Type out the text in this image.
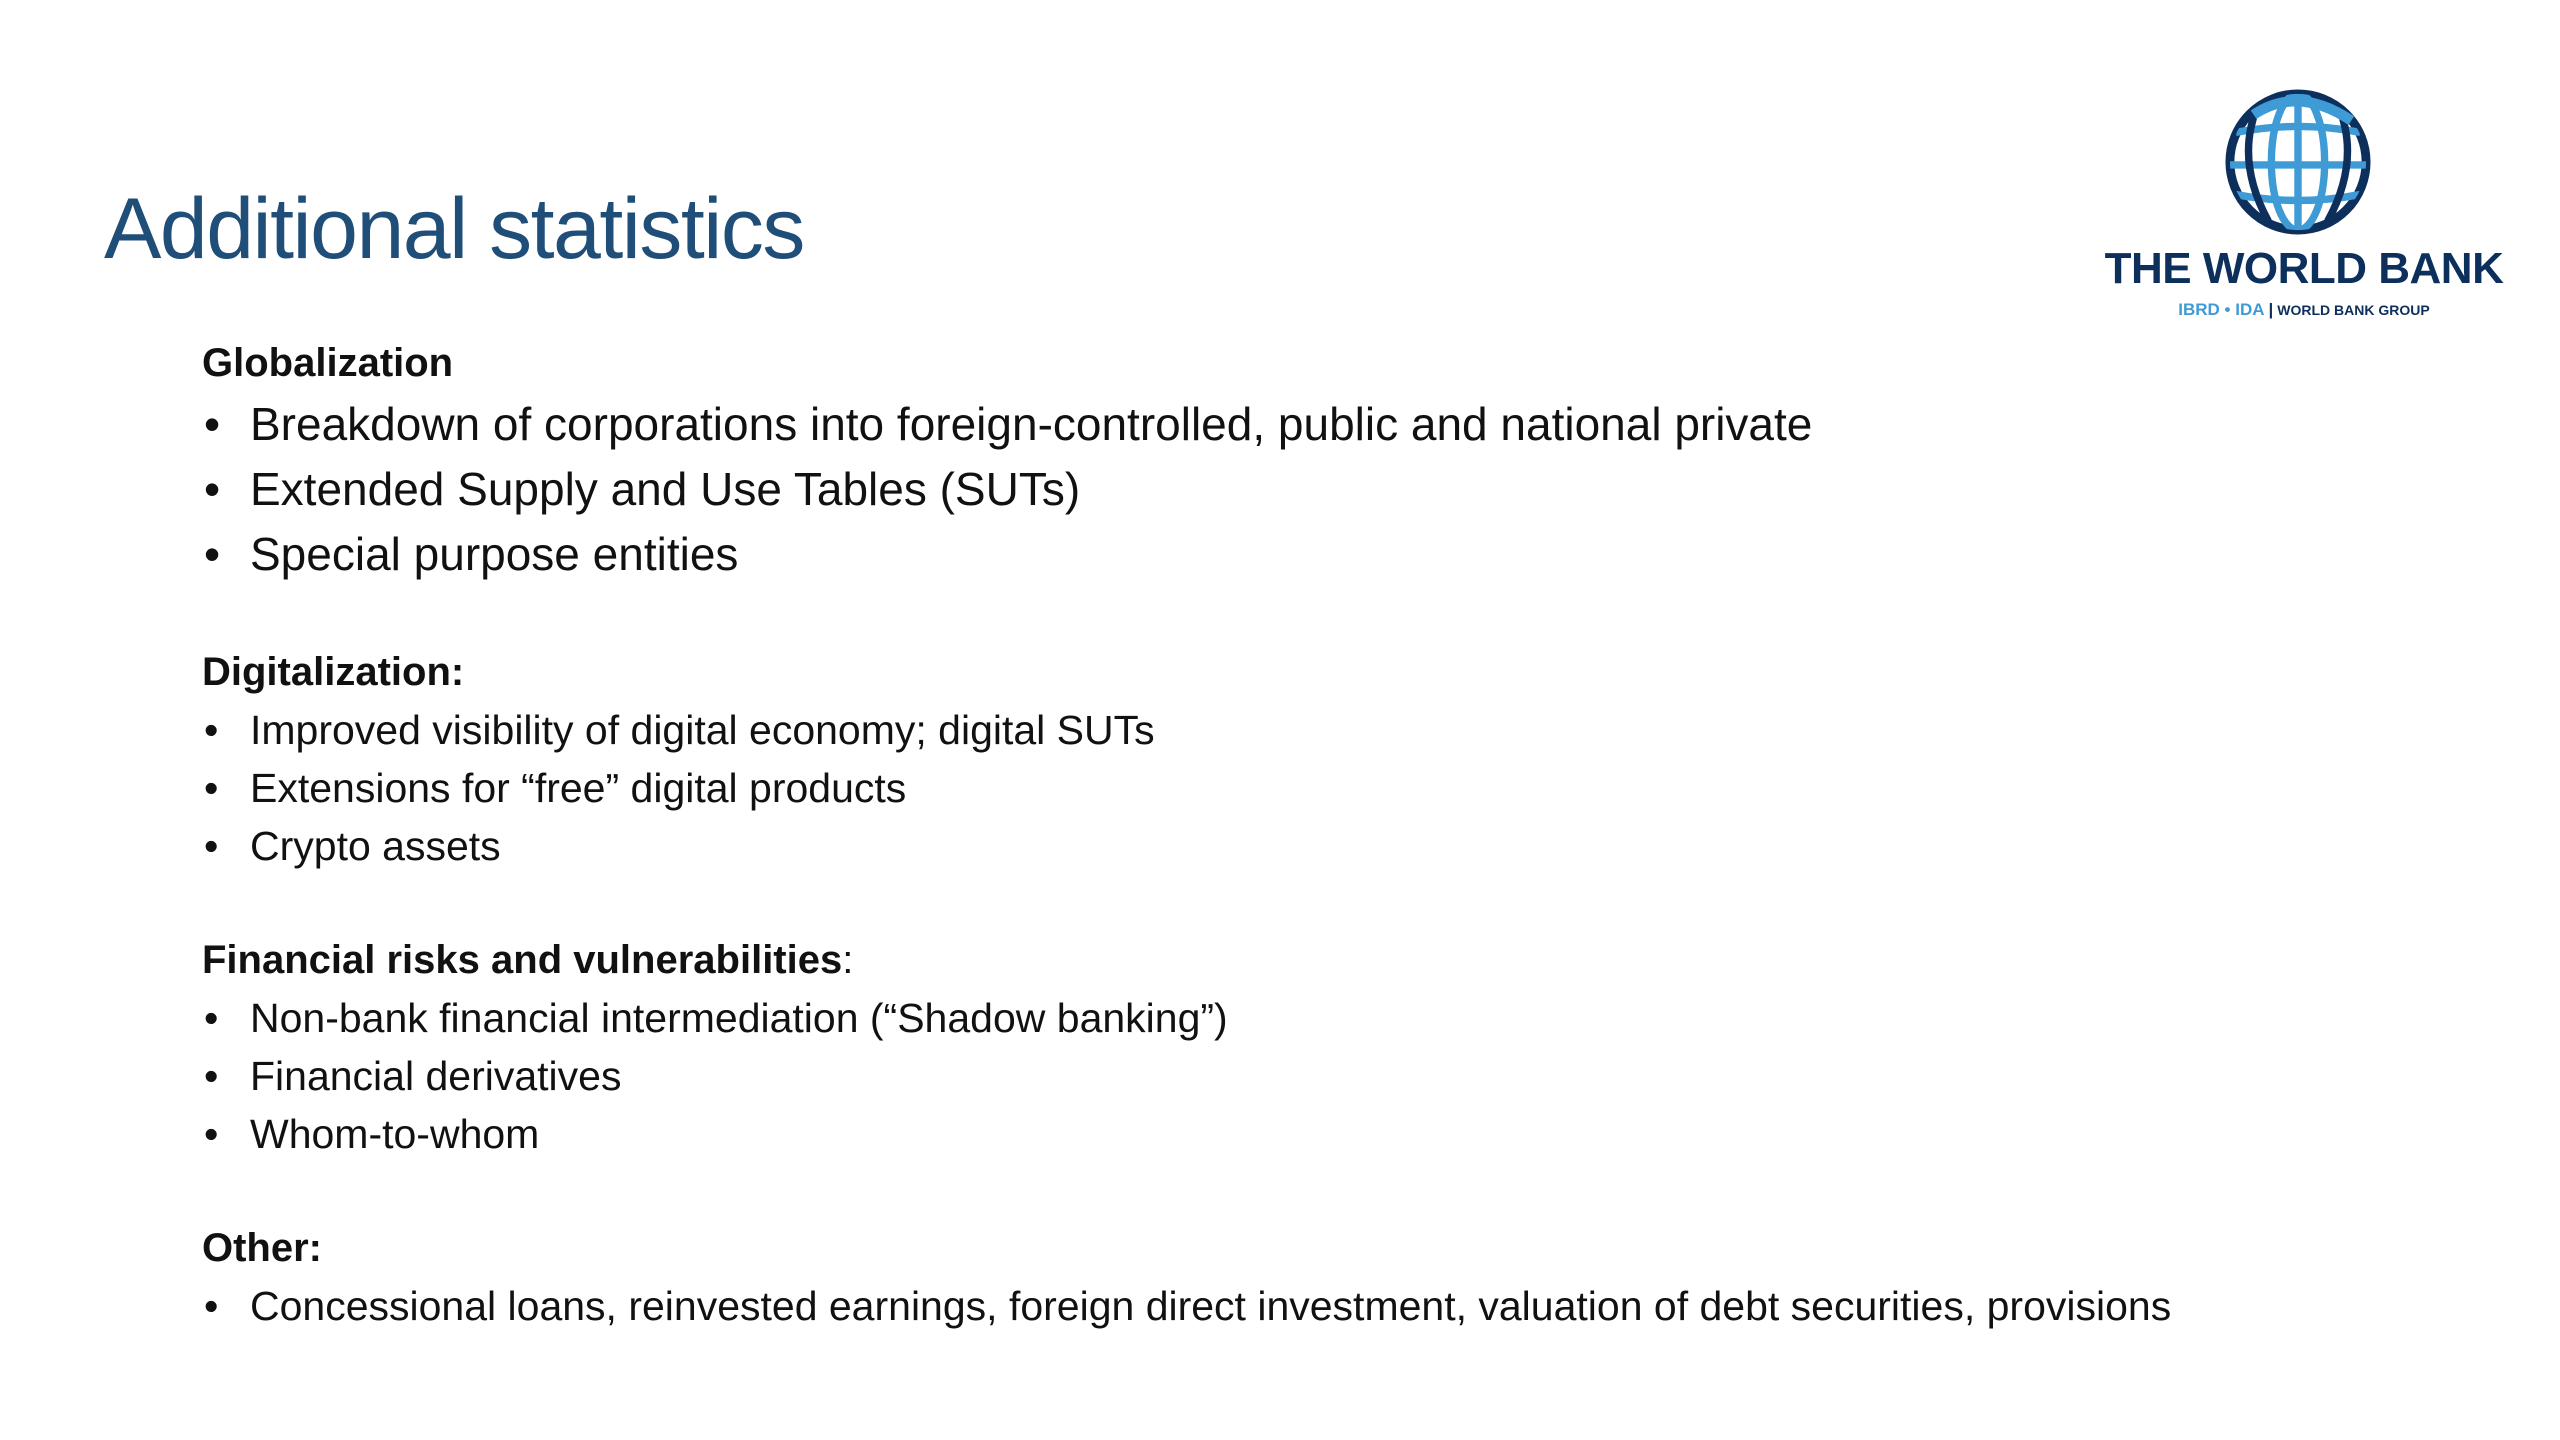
Additional statistics	THE WORLD BANK
IBRD • IDA | WORLD BANK GROUP
Globalization
• Breakdown of corporations into foreign-controlled, public and national private
• Extended Supply and Use Tables (SUTs)
• Special purpose entities
Digitalization:
• Improved visibility of digital economy; digital SUTs
• Extensions for “free” digital products
• Crypto assets
Financial risks and vulnerabilities:
• Non-bank financial intermediation (“Shadow banking”)
• Financial derivatives
• Whom-to-whom
Other:
• Concessional loans, reinvested earnings, foreign direct investment, valuation of debt securities, provisions
